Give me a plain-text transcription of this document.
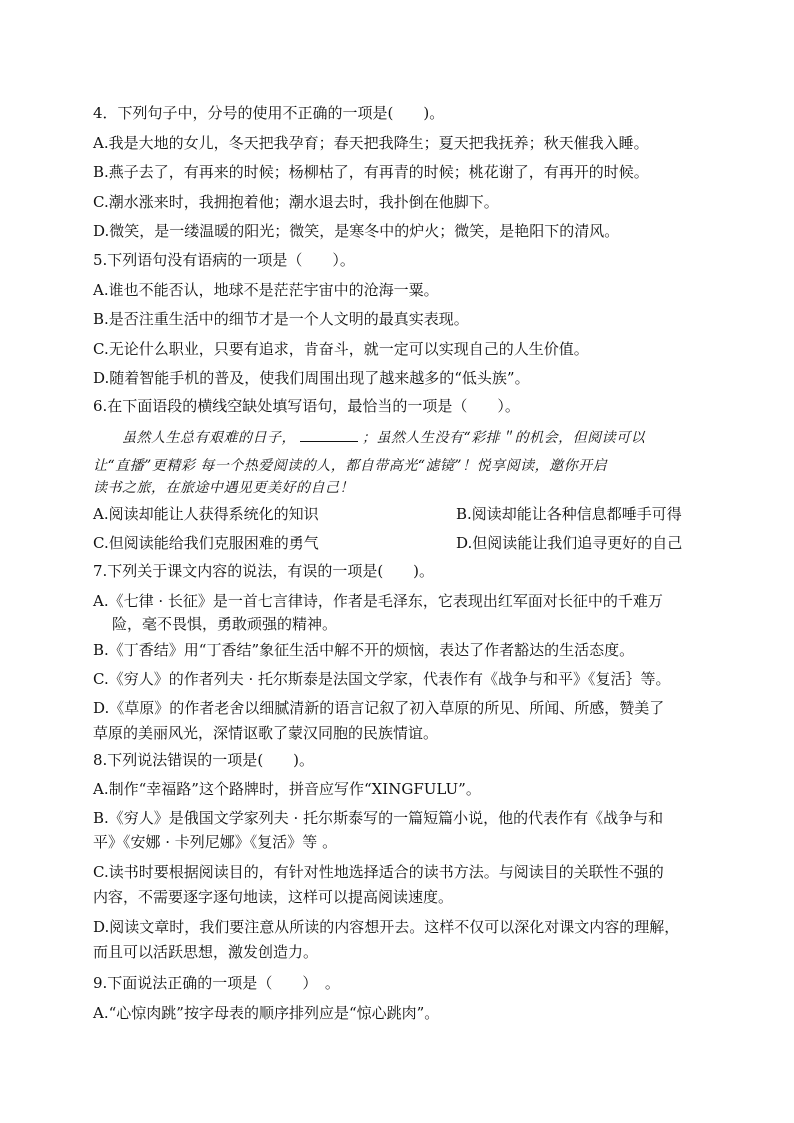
4．下列句子中，分号的使用不正确的一项是(　　)。
A.我是大地的女儿，冬天把我孕育；春天把我降生；夏天把我抚养；秋天催我入睡。
B.燕子去了，有再来的时候；杨柳枯了，有再青的时候；桃花谢了，有再开的时候。
C.潮水涨来时，我拥抱着他；潮水退去时，我扑倒在他脚下。
D.微笑，是一缕温暖的阳光；微笑，是寒冬中的炉火；微笑，是艳阳下的清风。
5.下列语句没有语病的一项是（　　）。
A.谁也不能否认，地球不是茫茫宇宙中的沧海一粟。
B.是否注重生活中的细节才是一个人文明的最真实表现。
C.无论什么职业，只要有追求，肯奋斗，就一定可以实现自己的人生价值。
D.随着智能手机的普及，使我们周围出现了越来越多的“低头族”。
6.在下面语段的横线空缺处填写语句，最恰当的一项是（　　）。
虽然人生总有艰难的日子，	；虽然人生没有“彩排＂的机会，但阅读可以
让“直播”更精彩 每一个热爱阅读的人，都自带高光“滤镜”！悦享阅读，邀你开启
读书之旅，在旅途中遇见更美好的自己！
A.阅读却能让人获得系统化的知识	B.阅读却能让各种信息都唾手可得
C.但阅读能给我们克服困难的勇气	D.但阅读能让我们追寻更好的自己
7.下列关于课文内容的说法，有误的一项是(　　)。
A.《七律 · 长征》是一首七言律诗，作者是毛泽东，它表现出红军面对长征中的千难万
险，毫不畏惧，勇敢顽强的精神。
B.《丁香结》用“丁香结”象征生活中解不开的烦恼，表达了作者豁达的生活态度。
C.《穷人》的作者列夫 · 托尔斯泰是法国文学家，代表作有《战争与和平》《复活｝等。
D.《草原》的作者老舍以细腻清新的语言记叙了初入草原的所见、所闻、所感，赞美了
草原的美丽风光，深情讴歌了蒙汉同胞的民族情谊。
8.下列说法错误的一项是(　　)。
A.制作“幸福路”这个路牌时，拼音应写作“XINGFULU”。
B.《穷人》是俄国文学家列夫 · 托尔斯泰写的一篇短篇小说，他的代表作有《战争与和
平》《安娜 · 卡列尼娜》《复活》等 。
C.读书时要根据阅读目的，有针对性地选择适合的读书方法。与阅读目的关联性不强的
内容，不需要逐字逐句地读，这样可以提高阅读速度。
D.阅读文章时，我们要注意从所读的内容想开去。这样不仅可以深化对课文内容的理解，
而且可以活跃思想，激发创造力。
9.下面说法正确的一项是（　　）　。
A.“心惊肉跳”按字母表的顺序排列应是“惊心跳肉”。
